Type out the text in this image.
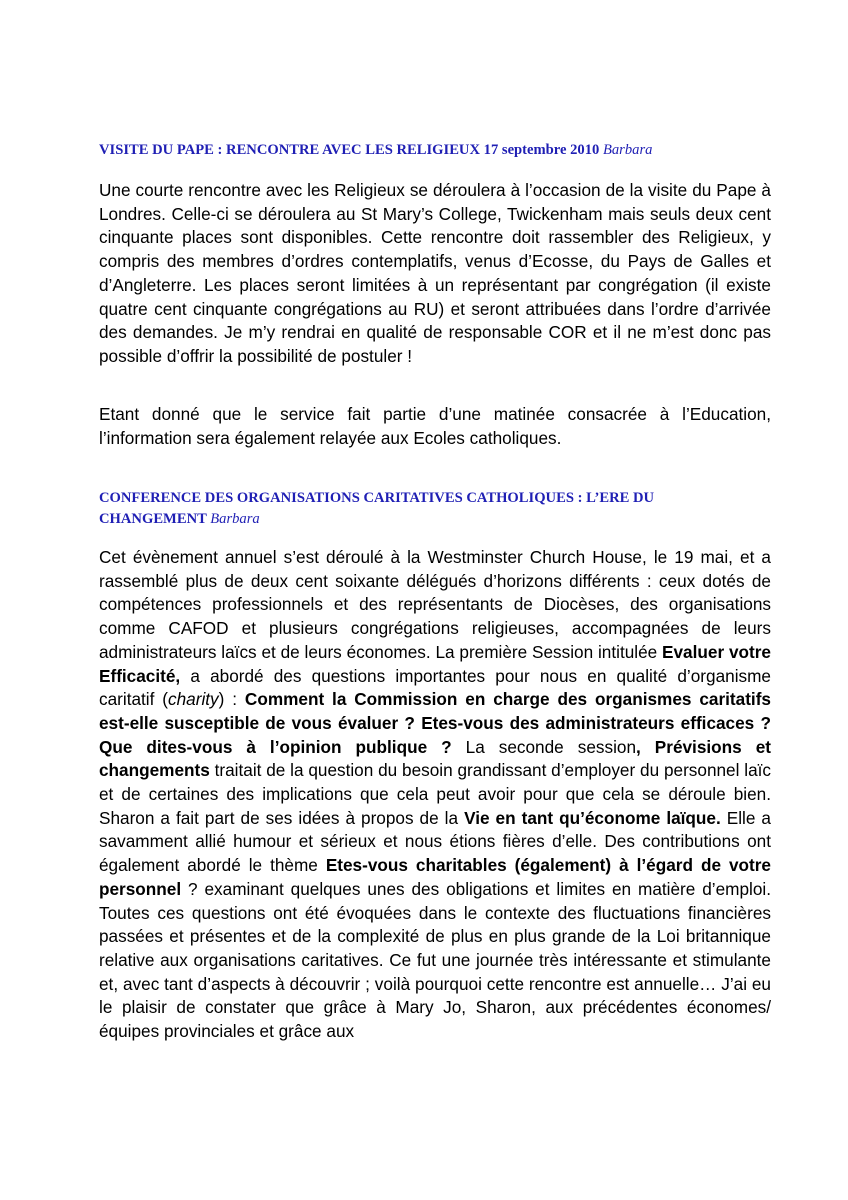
VISITE DU PAPE : RENCONTRE AVEC LES RELIGIEUX 17 septembre 2010 Barbara

Une courte rencontre avec les Religieux se déroulera à l’occasion de la visite du Pape à Londres. Celle-ci se déroulera au St Mary’s College, Twickenham mais seuls deux cent cinquante places sont disponibles. Cette rencontre doit rassembler des Religieux, y compris des membres d’ordres contemplatifs, venus d’Ecosse, du Pays de Galles et d’Angleterre. Les places seront limitées à un représentant par congrégation (il existe quatre cent cinquante congrégations au RU) et seront attribuées dans l’ordre d’arrivée des demandes. Je m’y rendrai en qualité de responsable COR et il ne m’est donc pas possible d’offrir la possibilité de postuler !

Etant donné que le service fait partie d’une matinée consacrée à l’Education, l’information sera également relayée aux Ecoles catholiques.

CONFERENCE DES ORGANISATIONS CARITATIVES CATHOLIQUES : L’ERE DU CHANGEMENT Barbara

Cet évènement annuel s’est déroulé à la Westminster Church House, le 19 mai, et a rassemblé plus de deux cent soixante délégués d’horizons différents : ceux dotés de compétences professionnels et des représentants de Diocèses, des organisations comme CAFOD et plusieurs congrégations religieuses, accompagnées de leurs administrateurs laïcs et de leurs économes. La première Session intitulée Evaluer votre Efficacité, a abordé des questions importantes pour nous en qualité d’organisme caritatif (charity) : Comment la Commission en charge des organismes caritatifs est-elle susceptible de vous évaluer ? Etes-vous des administrateurs efficaces ? Que dites-vous à l’opinion publique ? La seconde session, Prévisions et changements traitait de la question du besoin grandissant d’employer du personnel laïc et de certaines des implications que cela peut avoir pour que cela se déroule bien. Sharon a fait part de ses idées à propos de la Vie en tant qu’économe laïque. Elle a savamment allié humour et sérieux et nous étions fières d’elle. Des contributions ont également abordé le thème Etes-vous charitables (également) à l’égard de votre personnel ? examinant quelques unes des obligations et limites en matière d’emploi. Toutes ces questions ont été évoquées dans le contexte des fluctuations financières passées et présentes et de la complexité de plus en plus grande de la Loi britannique relative aux organisations caritatives. Ce fut une journée très intéressante et stimulante et, avec tant d’aspects à découvrir ; voilà pourquoi cette rencontre est annuelle… J’ai eu le plaisir de constater que grâce à Mary Jo, Sharon, aux précédentes économes/équipes provinciales et grâce aux
